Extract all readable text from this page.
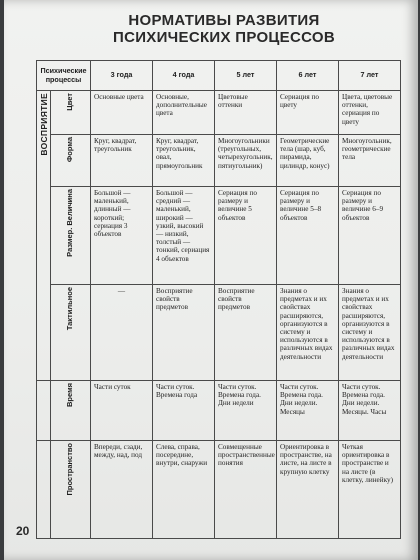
НОРМАТИВЫ РАЗВИТИЯ
ПСИХИЧЕСКИХ ПРОЦЕССОВ
Психические процессы		3 года	4 года	5 лет	6 лет	7 лет

ВОСПРИЯТИЕ	Цвет	Основные цвета	Основные, дополнительные цвета	Цветовые оттенки	Сериация по цвету	Цвета, цветовые оттенки, сериация по цвету

	Форма	Круг, квадрат, треугольник	Круг, квадрат, треугольник, овал, прямоугольник	Многоугольники (треугольных, четырехугольник, пятиугольник)	Геометрические тела (шар, куб, пирамида, цилиндр, конус)	Многоугольник, геометрические тела

	Размер. Величина	Большой — маленький, длинный — короткий; сериация 3 объектов	Большой — средний — маленький, широкий — узкий, высокий — низкий, толстый — тонкий, сериация 4 объектов	Сериация по размеру и величине 5 объектов	Сериация по размеру и величине 5–8 объектов	Сериация по размеру и величине 6–9 объектов

	Тактильное	—	Восприятие свойств предметов	Восприятие свойств предметов	Знания о предметах и их свойствах расширяются, организуются в систему и используются в различных видах деятельности	Знания о предметах и их свойствах расширяются, организуются в систему и используются в различных видах деятельности

	Время	Части суток	Части суток. Времена года	Части суток. Времена года. Дни недели	Части суток. Времена года. Дни недели. Месяцы	Части суток. Времена года. Дни недели. Месяцы. Часы

	Пространство	Впереди, сзади, между, над, под	Слева, справа, посередине, внутри, снаружи	Совмещенные пространственные понятия	Ориентировка в пространстве, на листе, на листе в крупную клетку	Четкая ориентировка в пространстве и на листе (в клетку, линейку)
20
